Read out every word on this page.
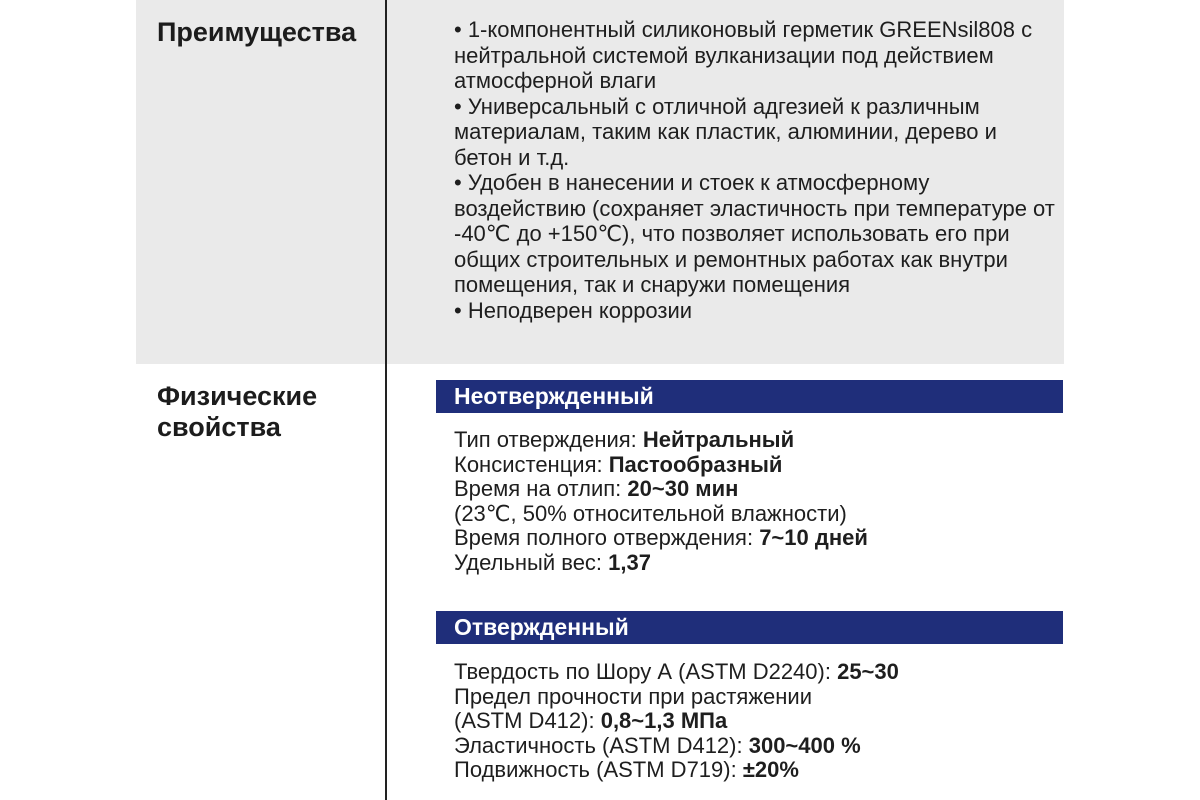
Преимущества	• 1-компонентный силиконовый герметик GREENsil808 с нейтральной системой вулканизации под действием атмосферной влаги

• Универсальный с отличной адгезией к различным материалам, таким как пластик, алюминии, дерево и бетон и т.д.

• Удобен в нанесении и стоек к атмосферному воздействию (сохраняет эластичность при температуре от -40℃ до +150℃), что позволяет использовать его при общих строительных и ремонтных работах как внутри помещения, так и снаружи помещения

• Неподверен коррозии

Физические свойства
Неотвержденный
Тип отверждения: Нейтральный
Консистенция: Пастообразный
Время на отлип: 20~30 мин
(23℃, 50% относительной влажности)
Время полного отверждения: 7~10 дней
Удельный вес: 1,37
Отвержденный
Твердость по Шору А (ASTM D2240): 25~30
Предел прочности при растяжении
(ASTM D412): 0,8~1,3 МПа
Эластичность (ASTM D412): 300~400 %
Подвижность (ASTM D719): ±20%
